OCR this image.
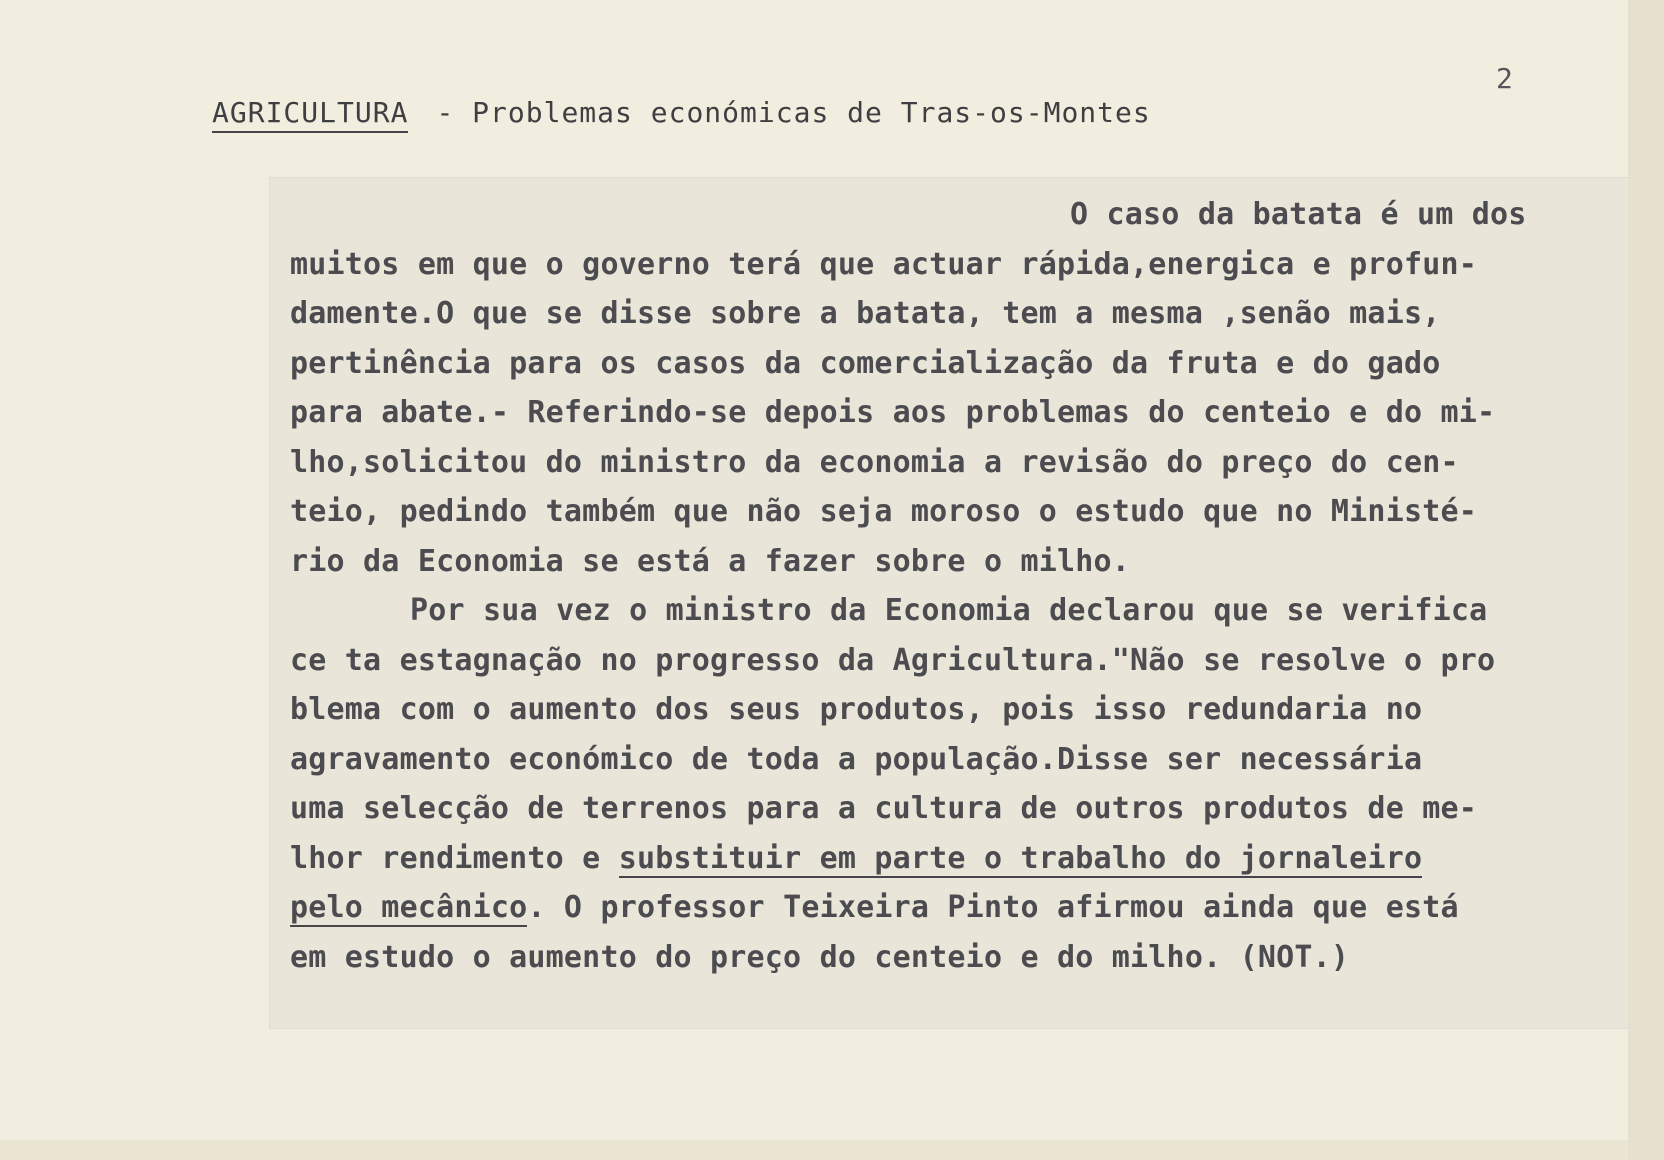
2
AGRICULTURA - Problemas económicas de Tras-os-Montes
O caso da batata é um dos
muitos em que o governo terá que actuar rápida,energica e profun-
damente.O que se disse sobre a batata, tem a mesma ,senão mais,
pertinência para os casos da comercialização da fruta e do gado
para abate.- Referindo-se depois aos problemas do centeio e do mi-
lho,solicitou do ministro da economia a revisão do preço do cen-
teio, pedindo também que não seja moroso o estudo que no Ministé-
rio da Economia se está a fazer sobre o milho.
Por sua vez o ministro da Economia declarou que se verifica
ce ta estagnação no progresso da Agricultura."Não se resolve o pro
blema com o aumento dos seus produtos, pois isso redundaria no
agravamento económico de toda a população.Disse ser necessária
uma selecção de terrenos para a cultura de outros produtos de me-
lhor rendimento e substituir em parte o trabalho do jornaleiro
pelo mecânico. O professor Teixeira Pinto afirmou ainda que está
em estudo o aumento do preço do centeio e do milho. (NOT.)
